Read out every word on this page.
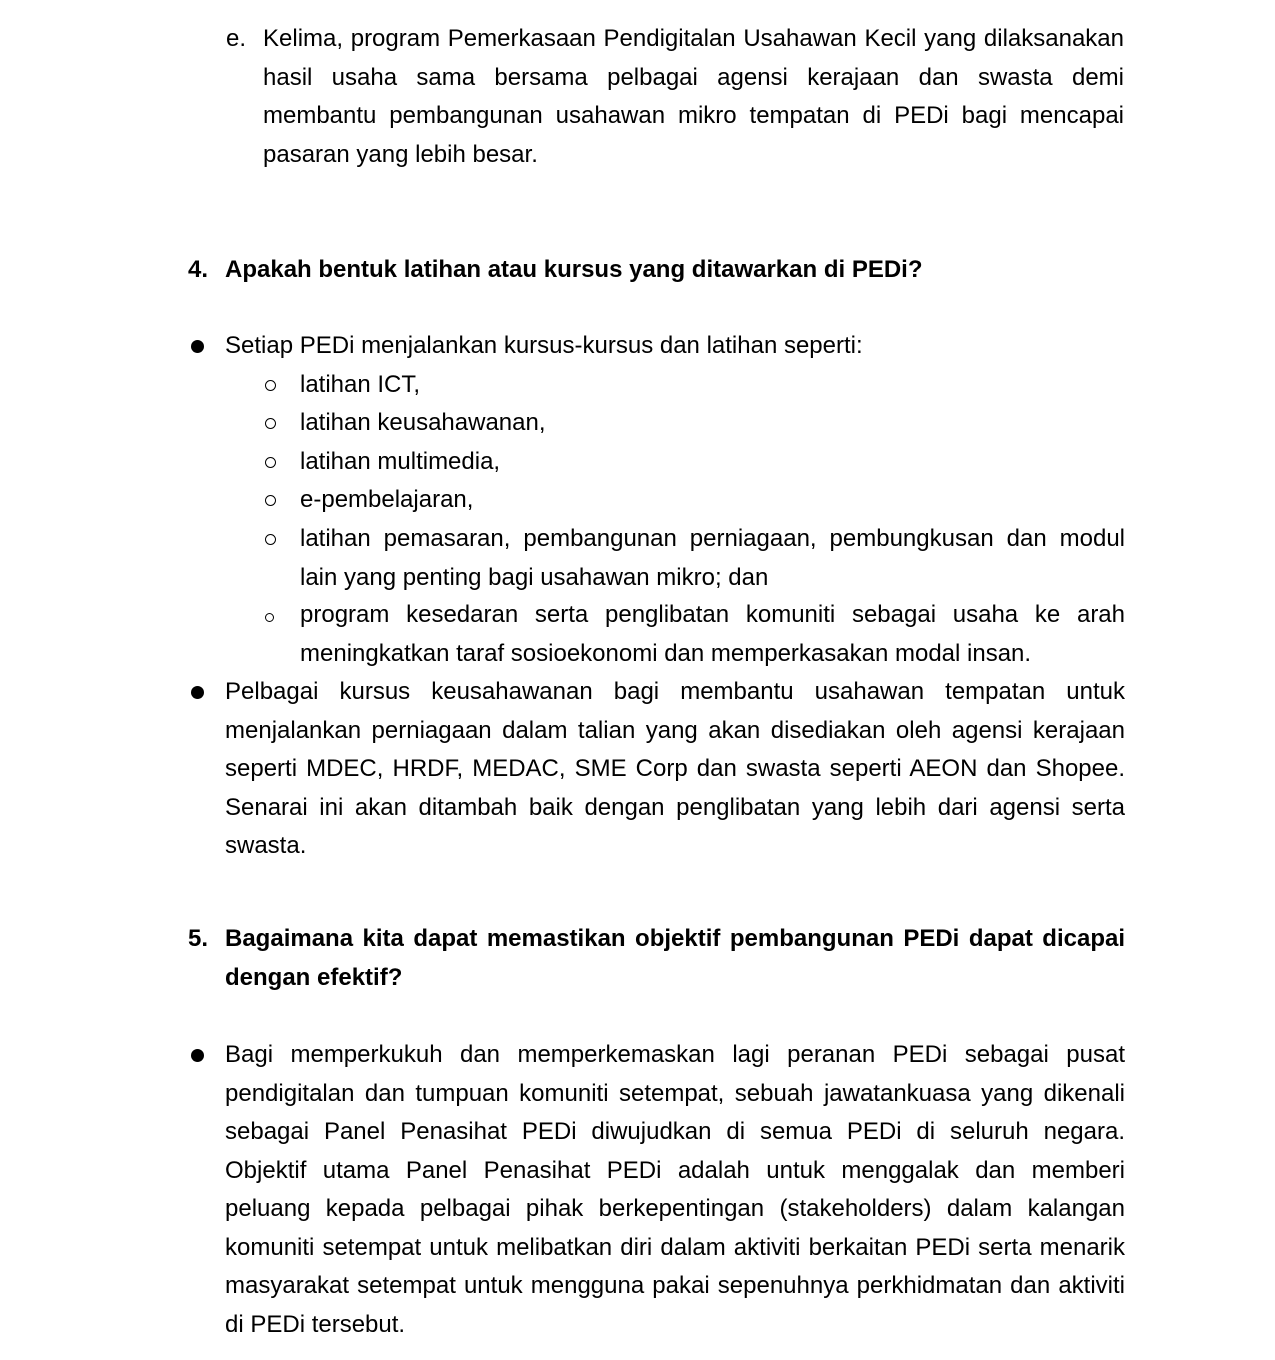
e. Kelima, program Pemerkasaan Pendigitalan Usahawan Kecil yang dilaksanakan hasil usaha sama bersama pelbagai agensi kerajaan dan swasta demi membantu pembangunan usahawan mikro tempatan di PEDi bagi mencapai pasaran yang lebih besar.
4. Apakah bentuk latihan atau kursus yang ditawarkan di PEDi?
Setiap PEDi menjalankan kursus-kursus dan latihan seperti:
latihan ICT,
latihan keusahawanan,
latihan multimedia,
e-pembelajaran,
latihan pemasaran, pembangunan perniagaan, pembungkusan dan modul lain yang penting bagi usahawan mikro; dan
program kesedaran serta penglibatan komuniti sebagai usaha ke arah meningkatkan taraf sosioekonomi dan memperkasakan modal insan.
Pelbagai kursus keusahawanan bagi membantu usahawan tempatan untuk menjalankan perniagaan dalam talian yang akan disediakan oleh agensi kerajaan seperti MDEC, HRDF, MEDAC, SME Corp dan swasta seperti AEON dan Shopee. Senarai ini akan ditambah baik dengan penglibatan yang lebih dari agensi serta swasta.
5. Bagaimana kita dapat memastikan objektif pembangunan PEDi dapat dicapai dengan efektif?
Bagi memperkukuh dan memperkemaskan lagi peranan PEDi sebagai pusat pendigitalan dan tumpuan komuniti setempat, sebuah jawatankuasa yang dikenali sebagai Panel Penasihat PEDi diwujudkan di semua PEDi di seluruh negara. Objektif utama Panel Penasihat PEDi adalah untuk menggalak dan memberi peluang kepada pelbagai pihak berkepentingan (stakeholders) dalam kalangan komuniti setempat untuk melibatkan diri dalam aktiviti berkaitan PEDi serta menarik masyarakat setempat untuk mengguna pakai sepenuhnya perkhidmatan dan aktiviti di PEDi tersebut.
